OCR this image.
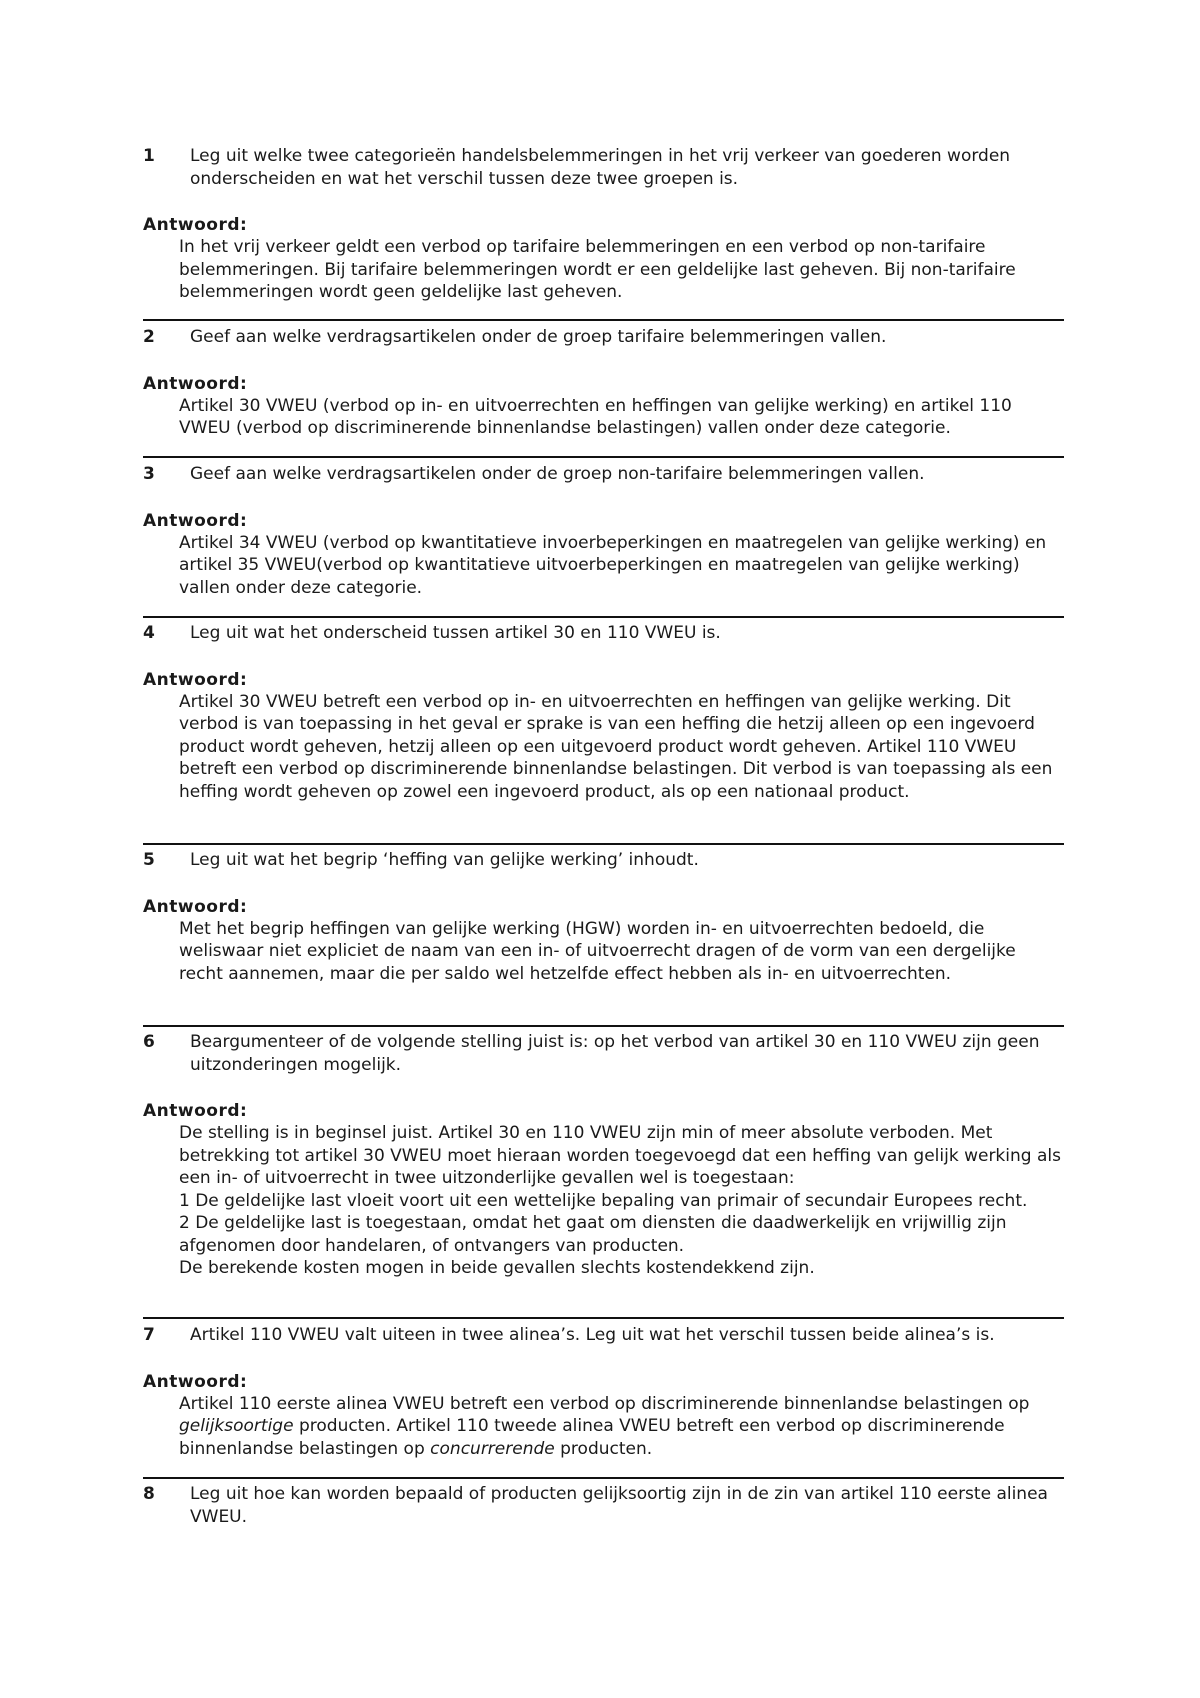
1 Leg uit welke twee categorieën handelsbelemmeringen in het vrij verkeer van goederen worden onderscheiden en wat het verschil tussen deze twee groepen is.
Antwoord:

In het vrij verkeer geldt een verbod op tarifaire belemmeringen en een verbod op non-tarifaire belemmeringen. Bij tarifaire belemmeringen wordt er een geldelijke last geheven. Bij non-tarifaire belemmeringen wordt geen geldelijke last geheven.

2 Geef aan welke verdragsartikelen onder de groep tarifaire belemmeringen vallen.
Antwoord:

Artikel 30 VWEU (verbod op in- en uitvoerrechten en heffingen van gelijke werking) en artikel 110 VWEU (verbod op discriminerende binnenlandse belastingen) vallen onder deze categorie.

3 Geef aan welke verdragsartikelen onder de groep non-tarifaire belemmeringen vallen.
Antwoord:

Artikel 34 VWEU (verbod op kwantitatieve invoerbeperkingen en maatregelen van gelijke werking) en artikel 35 VWEU(verbod op kwantitatieve uitvoerbeperkingen en maatregelen van gelijke werking) vallen onder deze categorie.

4 Leg uit wat het onderscheid tussen artikel 30 en 110 VWEU is.
Antwoord:

Artikel 30 VWEU betreft een verbod op in- en uitvoerrechten en heffingen van gelijke werking. Dit verbod is van toepassing in het geval er sprake is van een heffing die hetzij alleen op een ingevoerd product wordt geheven, hetzij alleen op een uitgevoerd product wordt geheven. Artikel 110 VWEU betreft een verbod op discriminerende binnenlandse belastingen. Dit verbod is van toepassing als een heffing wordt geheven op zowel een ingevoerd product, als op een nationaal product.

5 Leg uit wat het begrip ‘heffing van gelijke werking’ inhoudt.
Antwoord:

Met het begrip heffingen van gelijke werking (HGW) worden in- en uitvoerrechten bedoeld, die weliswaar niet expliciet de naam van een in- of uitvoerrecht dragen of de vorm van een dergelijke recht aannemen, maar die per saldo wel hetzelfde effect hebben als in- en uitvoerrechten.

6 Beargumenteer of de volgende stelling juist is: op het verbod van artikel 30 en 110 VWEU zijn geen uitzonderingen mogelijk.
Antwoord:

De stelling is in beginsel juist. Artikel 30 en 110 VWEU zijn min of meer absolute verboden. Met betrekking tot artikel 30 VWEU moet hieraan worden toegevoegd dat een heffing van gelijk werking als een in- of uitvoerrecht in twee uitzonderlijke gevallen wel is toegestaan:

1 De geldelijke last vloeit voort uit een wettelijke bepaling van primair of secundair Europees recht.

2 De geldelijke last is toegestaan, omdat het gaat om diensten die daadwerkelijk en vrijwillig zijn afgenomen door handelaren, of ontvangers van producten.

De berekende kosten mogen in beide gevallen slechts kostendekkend zijn.

7 Artikel 110 VWEU valt uiteen in twee alinea’s. Leg uit wat het verschil tussen beide alinea’s is.
Antwoord:

Artikel 110 eerste alinea VWEU betreft een verbod op discriminerende binnenlandse belastingen op gelijksoortige producten. Artikel 110 tweede alinea VWEU betreft een verbod op discriminerende binnenlandse belastingen op concurrerende producten.

8 Leg uit hoe kan worden bepaald of producten gelijksoortig zijn in de zin van artikel 110 eerste alinea VWEU.
